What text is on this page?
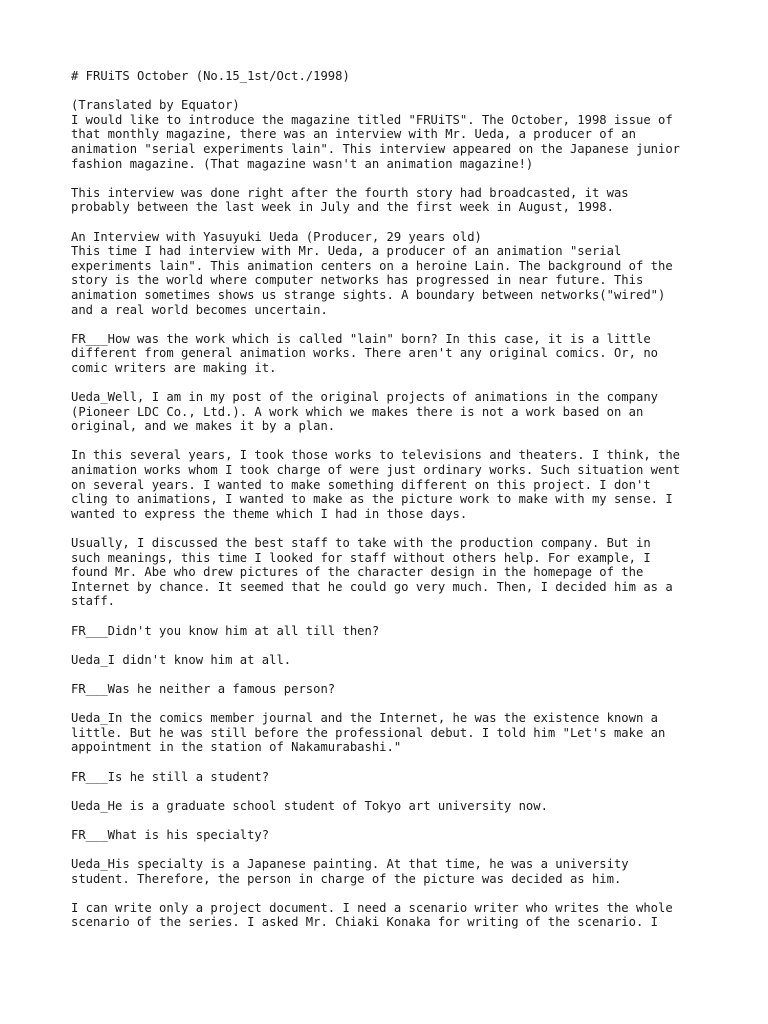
# FRUiTS October (No.15_1st/Oct./1998)
(Translated by Equator)
I would like to introduce the magazine titled "FRUiTS". The October, 1998 issue of
that monthly magazine, there was an interview with Mr. Ueda, a producer of an
animation "serial experiments lain". This interview appeared on the Japanese junior
fashion magazine. (That magazine wasn't an animation magazine!)
This interview was done right after the fourth story had broadcasted, it was
probably between the last week in July and the first week in August, 1998.
An Interview with Yasuyuki Ueda (Producer, 29 years old)
This time I had interview with Mr. Ueda, a producer of an animation "serial
experiments lain". This animation centers on a heroine Lain. The background of the
story is the world where computer networks has progressed in near future. This
animation sometimes shows us strange sights. A boundary between networks("wired")
and a real world becomes uncertain.
FR___How was the work which is called "lain" born? In this case, it is a little
different from general animation works. There aren't any original comics. Or, no
comic writers are making it.
Ueda_Well, I am in my post of the original projects of animations in the company
(Pioneer LDC Co., Ltd.). A work which we makes there is not a work based on an
original, and we makes it by a plan.
In this several years, I took those works to televisions and theaters. I think, the
animation works whom I took charge of were just ordinary works. Such situation went
on several years. I wanted to make something different on this project. I don't
cling to animations, I wanted to make as the picture work to make with my sense. I
wanted to express the theme which I had in those days.
Usually, I discussed the best staff to take with the production company. But in
such meanings, this time I looked for staff without others help. For example, I
found Mr. Abe who drew pictures of the character design in the homepage of the
Internet by chance. It seemed that he could go very much. Then, I decided him as a
staff.
FR___Didn't you know him at all till then?
Ueda_I didn't know him at all.
FR___Was he neither a famous person?
Ueda_In the comics member journal and the Internet, he was the existence known a
little. But he was still before the professional debut. I told him "Let's make an
appointment in the station of Nakamurabashi."
FR___Is he still a student?
Ueda_He is a graduate school student of Tokyo art university now.
FR___What is his specialty?
Ueda_His specialty is a Japanese painting. At that time, he was a university
student. Therefore, the person in charge of the picture was decided as him.
I can write only a project document. I need a scenario writer who writes the whole
scenario of the series. I asked Mr. Chiaki Konaka for writing of the scenario. I
